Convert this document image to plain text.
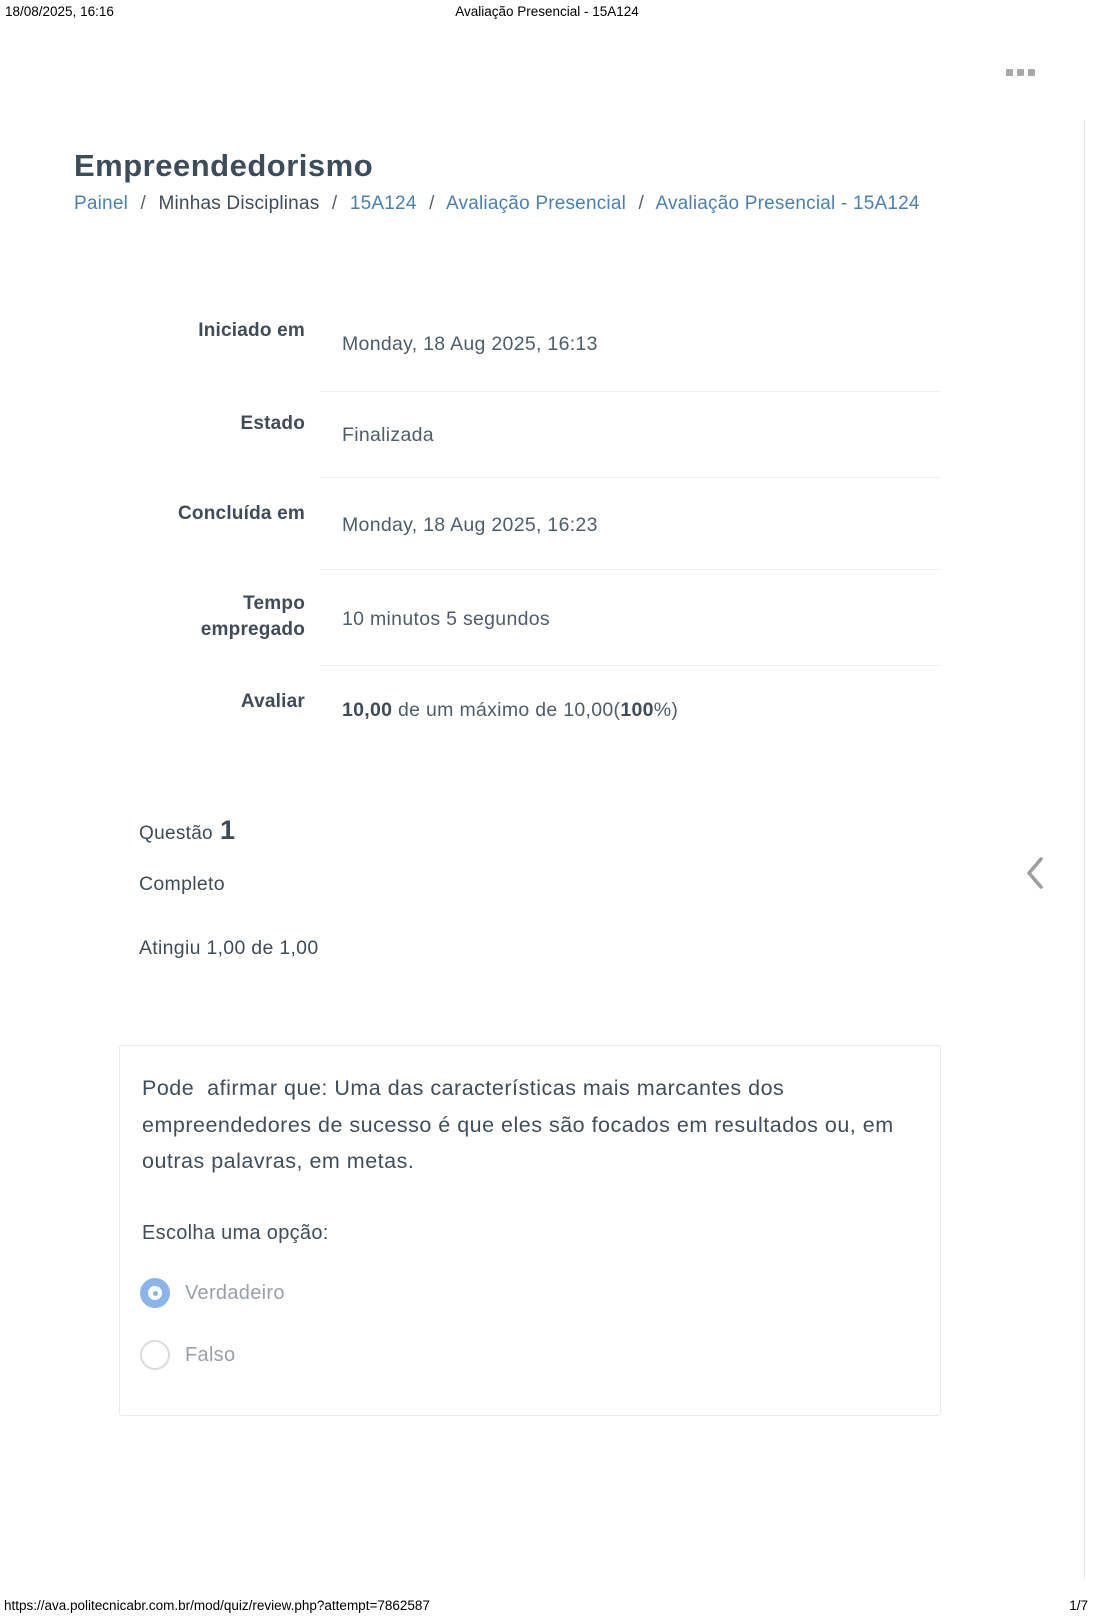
18/08/2025, 16:16	Avaliação Presencial - 15A124
Empreendedorismo
Painel / Minhas Disciplinas / 15A124 / Avaliação Presencial / Avaliação Presencial - 15A124
Iniciado em
Monday, 18 Aug 2025, 16:13
Estado
Finalizada
Concluída em
Monday, 18 Aug 2025, 16:23
Tempo empregado 10 minutos 5 segundos
Avaliar 10,00 de um máximo de 10,00(100%)
Questão 1
Completo
Atingiu 1,00 de 1,00
Pode  afirmar que: Uma das características mais marcantes dos empreendedores de sucesso é que eles são focados em resultados ou, em outras palavras, em metas.
Escolha uma opção:
Verdadeiro
Falso
https://ava.politecnicabr.com.br/mod/quiz/review.php?attempt=7862587	1/7
